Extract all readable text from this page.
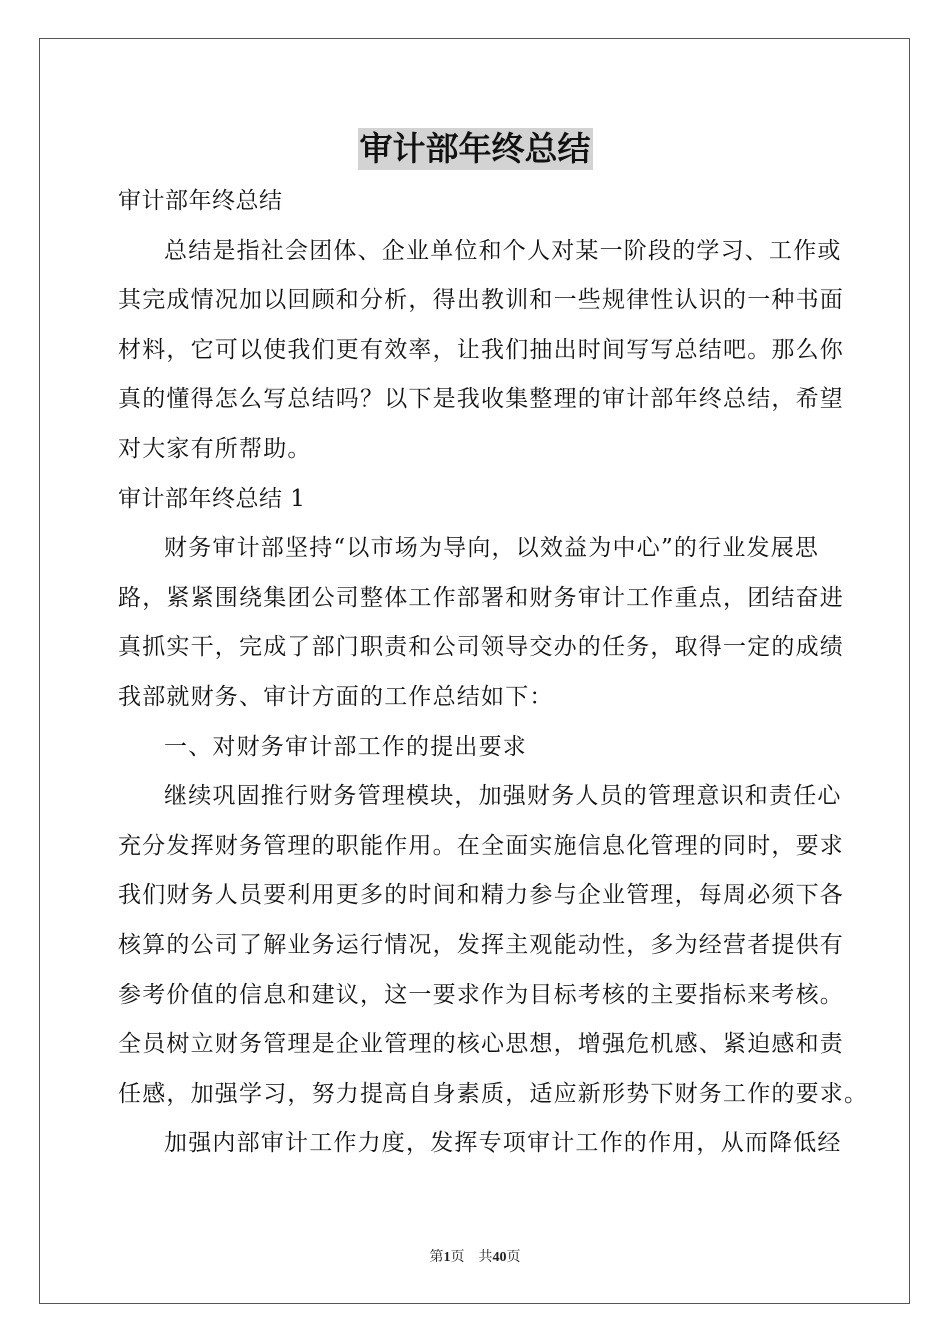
审计部年终总结
审计部年终总结
总结是指社会团体、企业单位和个人对某一阶段的学习、工作或
其完成情况加以回顾和分析，得出教训和一些规律性认识的一种书面
材料，它可以使我们更有效率，让我们抽出时间写写总结吧。那么你
真的懂得怎么写总结吗？以下是我收集整理的审计部年终总结，希望
对大家有所帮助。
审计部年终总结 1
财务审计部坚持“以市场为导向，以效益为中心”的行业发展思
路，紧紧围绕集团公司整体工作部署和财务审计工作重点，团结奋进
真抓实干，完成了部门职责和公司领导交办的任务，取得一定的成绩
我部就财务、审计方面的工作总结如下：
一、对财务审计部工作的提出要求
继续巩固推行财务管理模块，加强财务人员的管理意识和责任心
充分发挥财务管理的职能作用。在全面实施信息化管理的同时，要求
我们财务人员要利用更多的时间和精力参与企业管理，每周必须下各
核算的公司了解业务运行情况，发挥主观能动性，多为经营者提供有
参考价值的信息和建议，这一要求作为目标考核的主要指标来考核。
全员树立财务管理是企业管理的核心思想，增强危机感、紧迫感和责
任感，加强学习，努力提高自身素质，适应新形势下财务工作的要求。
加强内部审计工作力度，发挥专项审计工作的作用，从而降低经
第1页 共40页
